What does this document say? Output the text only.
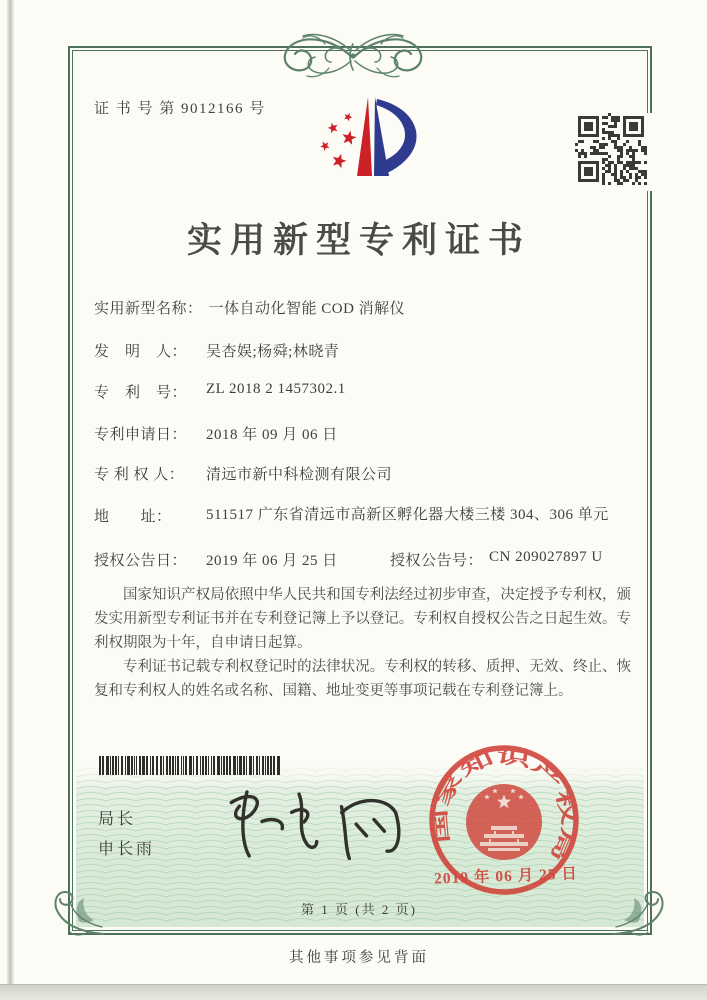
证 书 号 第 9012166 号
实用新型专利证书
实用新型名称： 一体自动化智能 COD 消解仪
发　明　人：	吴杏娱;杨舜;林晓青
专　利　号：	ZL 2018 2 1457302.1
专利申请日：	2018 年 09 月 06 日
专 利 权 人：	清远市新中科检测有限公司
地　　址：	511517 广东省清远市高新区孵化器大楼三楼 304、306 单元
授权公告日：	2019 年 06 月 25 日	授权公告号： CN 209027897 U

国家知识产权局依照中华人民共和国专利法经过初步审查，决定授予专利权，颁发实用新型专利证书并在专利登记簿上予以登记。专利权自授权公告之日起生效。专利权期限为十年，自申请日起算。

专利证书记载专利权登记时的法律状况。专利权的转移、质押、无效、终止、恢复和专利权人的姓名或名称、国籍、地址变更等事项记载在专利登记簿上。

局长
申长雨
国家知识产权局
2019 年 06 月 25 日
第 1 页 (共 2 页)
其他事项参见背面
